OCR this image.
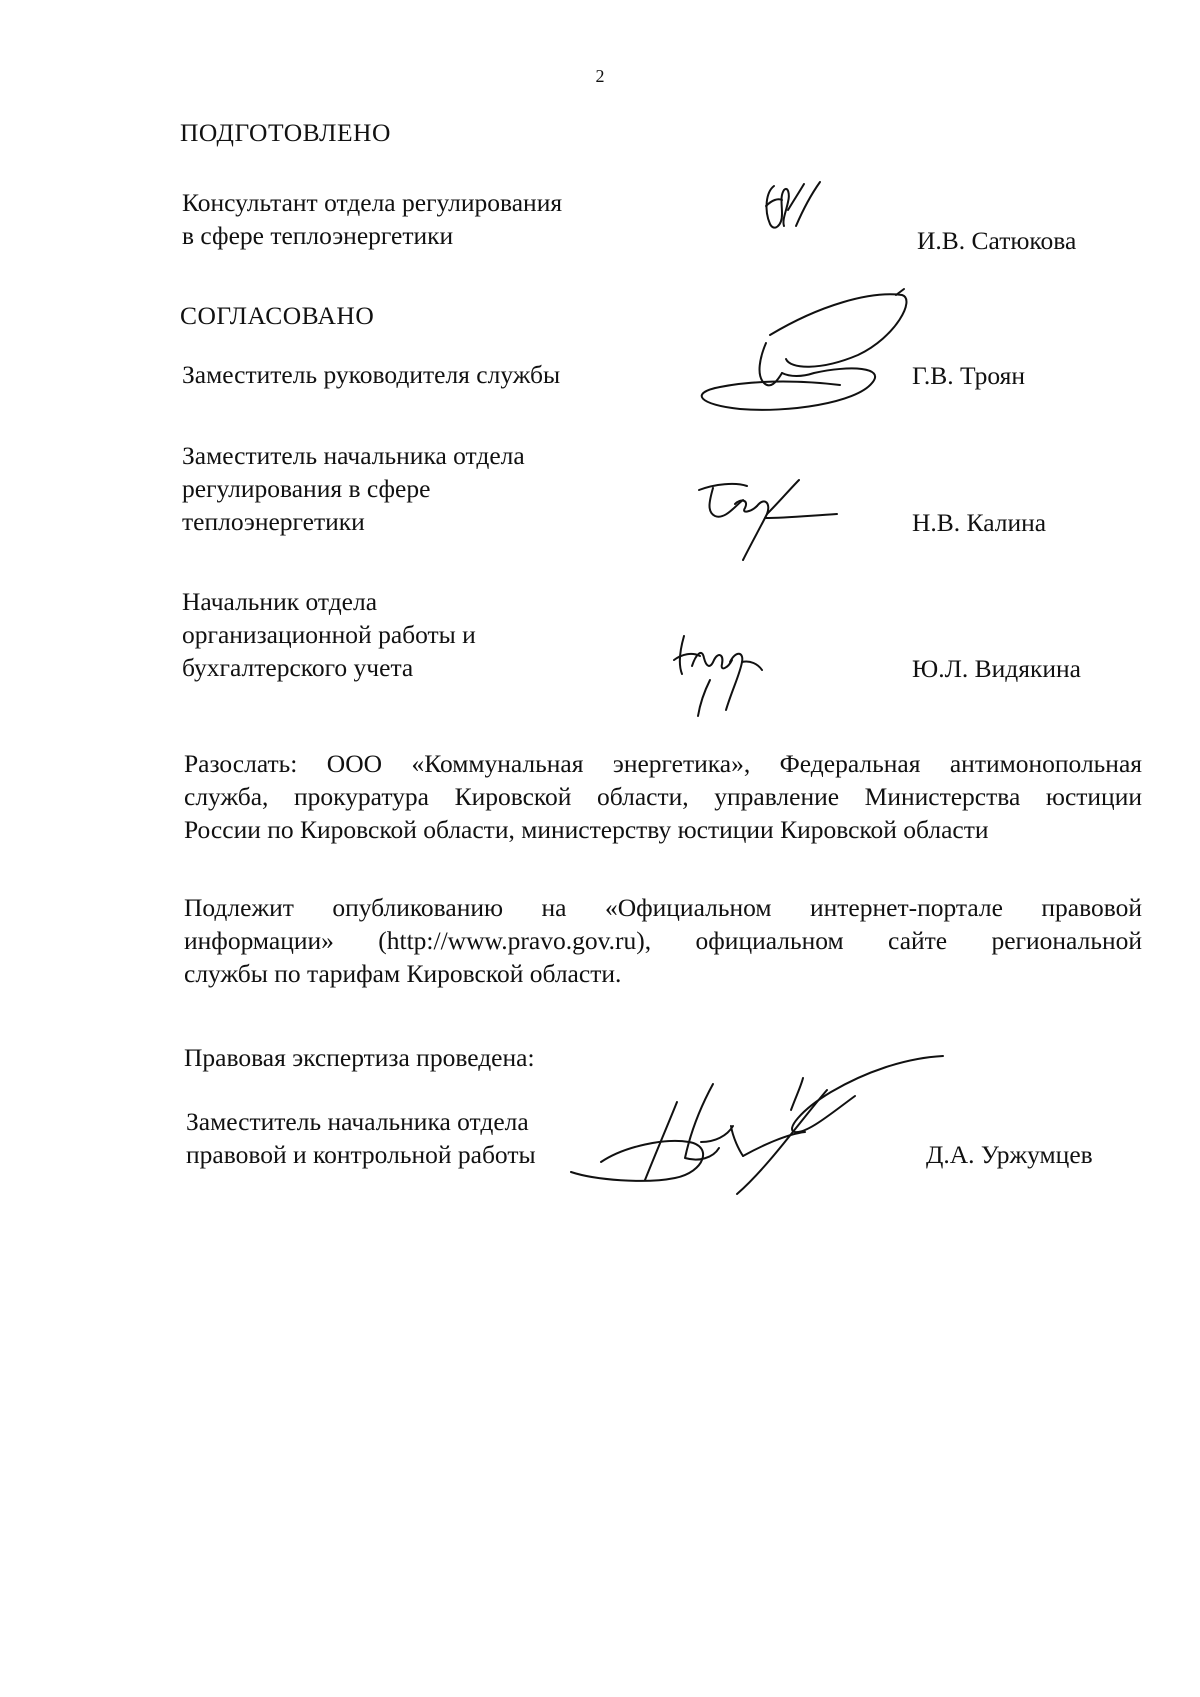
2
ПОДГОТОВЛЕНО
Консультант отдела регулирования
в сфере теплоэнергетики	И.В. Сатюкова
СОГЛАСОВАНО
Заместитель руководителя службы	Г.В. Троян
Заместитель начальника отдела
регулирования в сфере
теплоэнергетики	Н.В. Калина
Начальник отдела
организационной работы и
бухгалтерского учета	Ю.Л. Видякина
Разослать: ООО «Коммунальная энергетика», Федеральная антимонопольная
служба, прокуратура Кировской области, управление Министерства юстиции
России по Кировской области, министерству юстиции Кировской области
Подлежит опубликованию на «Официальном интернет-портале правовой
информации» (http://www.pravo.gov.ru), официальном сайте региональной
службы по тарифам Кировской области.
Правовая экспертиза проведена:
Заместитель начальника отдела
правовой и контрольной работы	Д.А. Уржумцев
